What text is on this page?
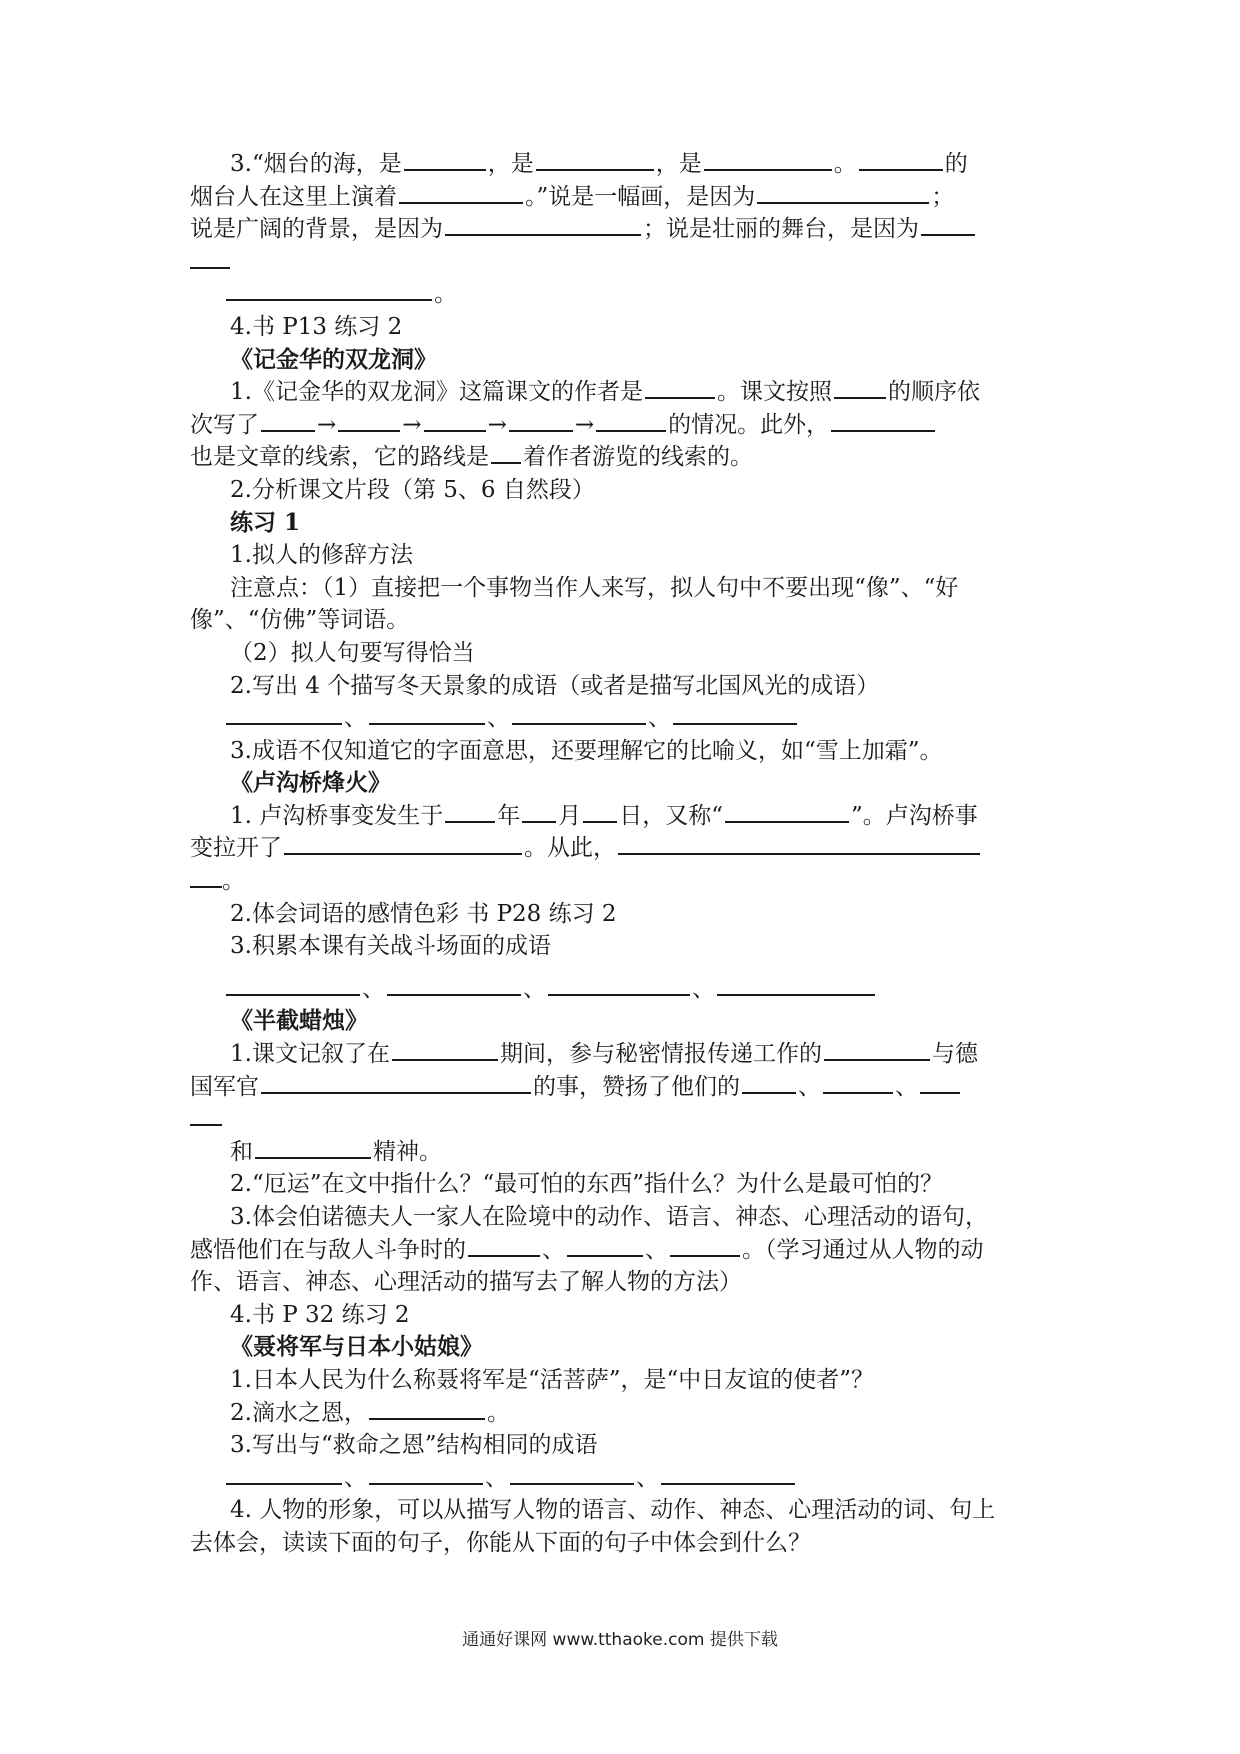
3.“烟台的海，是	，是	，是	。	的
烟台人在这里上演着	。”说是一幅画，是因为	；
说是广阔的背景，是因为	；说是壮丽的舞台，是因为
。
4.书 P13 练习 2
《记金华的双龙洞》
1.《记金华的双龙洞》这篇课文的作者是	。课文按照 的顺序依
次写了	→	→	→	→	的情况。此外，
也是文章的线索，它的路线是 着作者游览的线索的。
2.分析课文片段（第 5、6 自然段）
练习 1
1.拟人的修辞方法
注意点：（1）直接把一个事物当作人来写，拟人句中不要出现“像”、“好
像”、“仿佛”等词语。
（2）拟人句要写得恰当
2.写出 4 个描写冬天景象的成语（或者是描写北国风光的成语）
、	、	、
3.成语不仅知道它的字面意思，还要理解它的比喻义，如“雪上加霜”。
《卢沟桥烽火》
1. 卢沟桥事变发生于 年 月 日，又称“	”。卢沟桥事
变拉开了	。从此，
。
2.体会词语的感情色彩 书 P28 练习 2
3.积累本课有关战斗场面的成语
、	、	、
《半截蜡烛》
1.课文记叙了在	期间，参与秘密情报传递工作的	与德
国军官	的事，赞扬了他们的	、	、
和	精神。
2.“厄运”在文中指什么？“最可怕的东西”指什么？为什么是最可怕的？
3.体会伯诺德夫人一家人在险境中的动作、语言、神态、心理活动的语句，
感悟他们在与敌人斗争时的	、	、	。（学习通过从人物的动
作、语言、神态、心理活动的描写去了解人物的方法）
4.书 P 32 练习 2
《聂将军与日本小姑娘》
1.日本人民为什么称聂将军是“活菩萨”，是“中日友谊的使者”？
2.滴水之恩，	。
3.写出与“救命之恩”结构相同的成语
、	、	、
4. 人物的形象，可以从描写人物的语言、动作、神态、心理活动的词、句上
去体会，读读下面的句子，你能从下面的句子中体会到什么？
通通好课网 www.tthaoke.com 提供下载
